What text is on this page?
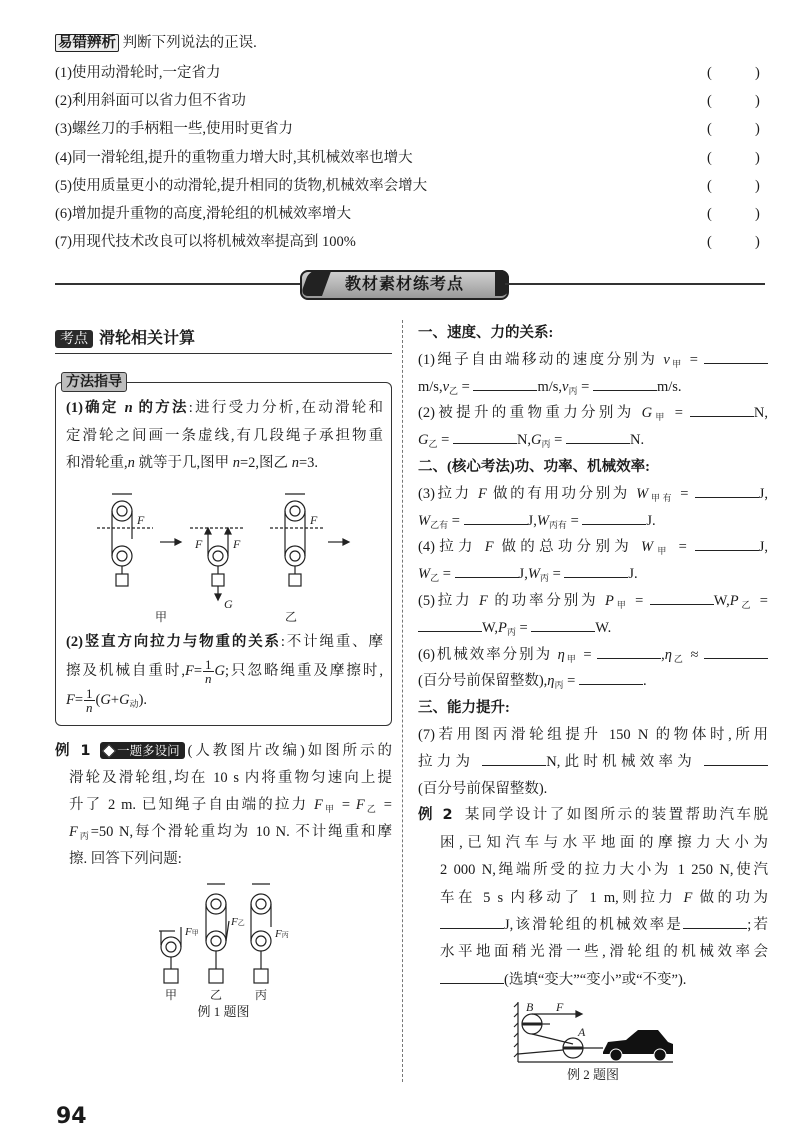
易错辨析 判断下列说法的正误.
(1)使用动滑轮时,一定省力	(	)
(2)利用斜面可以省力但不省功	(	)
(3)螺丝刀的手柄粗一些,使用时更省力	(	)
(4)同一滑轮组,提升的重物重力增大时,其机械效率也增大	(	)
(5)使用质量更小的动滑轮,提升相同的货物,机械效率会增大	(	)
(6)增加提升重物的高度,滑轮组的机械效率增大	(	)
(7)用现代技术改良可以将机械效率提高到 100%	(	)
教材素材练考点
考点 滑轮相关计算
方法指导
(1)确定 n 的方法:进行受力分析,在动滑轮和
定滑轮之间画一条虚线,有几段绳子承担物重
和滑轮重,n 就等于几,图甲 n=2,图乙 n=3.
F
F	F
G
F
甲	乙
(2)竖直方向拉力与物重的关系:不计绳重、摩
擦及机械自重时$,F= \frac{1}{n} G$;只忽略绳重及摩擦时,
$F= \frac{1}{n} (G+G_动)$.
例 1 一题多设问 (人教图片改编)如图所示的
滑轮及滑轮组,均在 10 s 内将重物匀速向上提
升了 2 m. 已知绳子自由端的拉力 $F_甲 = F_乙$ =
$F_丙=50$ N,每个滑轮重均为 10 N. 不计绳重和摩
擦. 回答下列问题:
F甲
F乙
F丙
甲	乙	丙
例 1 题图
一、速度、力的关系:
(1)绳子自由端移动的速度分别为 $v_甲$ =
$m/s,v_乙$ =	$m/s,v_丙$ =	m/s.
(2)被提升的重物重力分别为 $G_甲$ =	N,
$G_乙$ =	$N,G_丙$ =	N.
二、(核心考法)功、功率、机械效率:
(3)拉力 F 做的有用功分别为 $W_{甲有}$ =	J,
$W_{乙有}$ =	$J,W_{丙有}$ =	J.
(4)拉力 F 做的总功分别为 $W_甲$ =	J,
$W_乙$ =	$J,W_丙$ =	J.
(5)拉力 F 的功率分别为 $P_甲$ =	$W,P_乙$ =
$W,P_丙$ =	W.
(6)机械效率分别为 $\eta_甲$ =	$,\eta_乙$ ≈
(百分号前保留整数)$,\eta_丙$ =	.
三、能力提升:
(7)若用图丙滑轮组提升 150 N 的物体时,所用
拉力为	N,此时机械效率为
(百分号前保留整数).
例 2 某同学设计了如图所示的装置帮助汽车脱
困,已知汽车与水平地面的摩擦力大小为
2 000 N,绳端所受的拉力大小为 1 250 N,使汽
车在 5 s 内移动了 1 m,则拉力 F 做的功为
J,该滑轮组的机械效率是	;若
水平地面稍光滑一些,滑轮组的机械效率会
(选填“变大”“变小”或“不变”).
B F
A
例 2 题图
94
